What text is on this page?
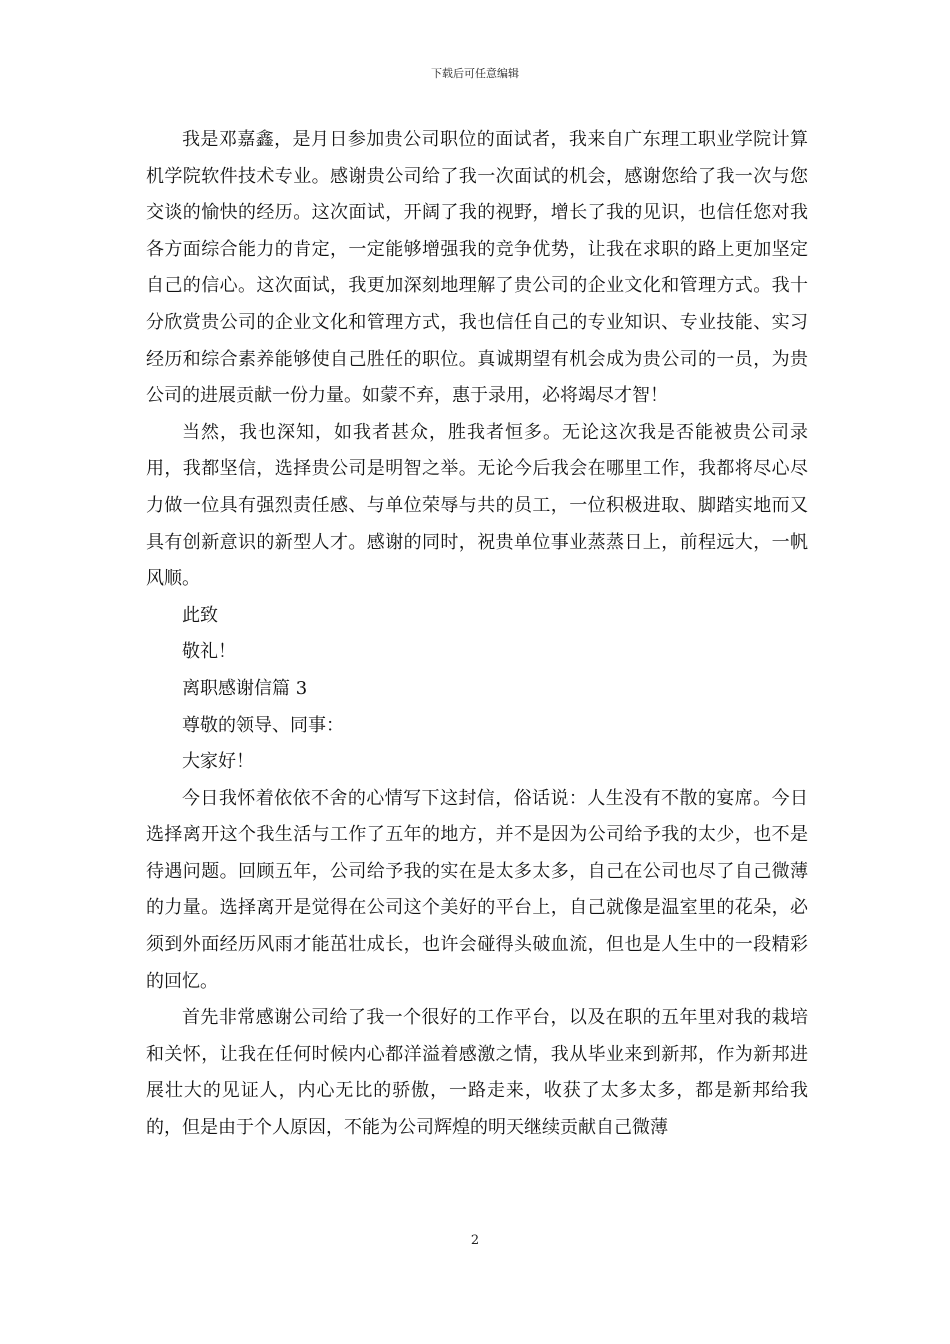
下载后可任意编辑

我是邓嘉鑫，是月日参加贵公司职位的面试者，我来自广东理工职业学院计算机学院软件技术专业。感谢贵公司给了我一次面试的机会，感谢您给了我一次与您交谈的愉快的经历。这次面试，开阔了我的视野，增长了我的见识，也信任您对我各方面综合能力的肯定，一定能够增强我的竞争优势，让我在求职的路上更加坚定自己的信心。这次面试，我更加深刻地理解了贵公司的企业文化和管理方式。我十分欣赏贵公司的企业文化和管理方式，我也信任自己的专业知识、专业技能、实习经历和综合素养能够使自己胜任的职位。真诚期望有机会成为贵公司的一员，为贵公司的进展贡献一份力量。如蒙不弃，惠于录用，必将竭尽才智！

当然，我也深知，如我者甚众，胜我者恒多。无论这次我是否能被贵公司录用，我都坚信，选择贵公司是明智之举。无论今后我会在哪里工作，我都将尽心尽力做一位具有强烈责任感、与单位荣辱与共的员工，一位积极进取、脚踏实地而又具有创新意识的新型人才。感谢的同时，祝贵单位事业蒸蒸日上，前程远大，一帆风顺。

此致

敬礼！

离职感谢信篇 3

尊敬的领导、同事：

大家好！

今日我怀着依依不舍的心情写下这封信，俗话说：人生没有不散的宴席。今日选择离开这个我生活与工作了五年的地方，并不是因为公司给予我的太少，也不是待遇问题。回顾五年，公司给予我的实在是太多太多，自己在公司也尽了自己微薄的力量。选择离开是觉得在公司这个美好的平台上，自己就像是温室里的花朵，必须到外面经历风雨才能茁壮成长，也许会碰得头破血流，但也是人生中的一段精彩的回忆。

首先非常感谢公司给了我一个很好的工作平台，以及在职的五年里对我的栽培和关怀，让我在任何时候内心都洋溢着感激之情，我从毕业来到新邦，作为新邦进展壮大的见证人，内心无比的骄傲，一路走来，收获了太多太多，都是新邦给我的，但是由于个人原因，不能为公司辉煌的明天继续贡献自己微薄

2
